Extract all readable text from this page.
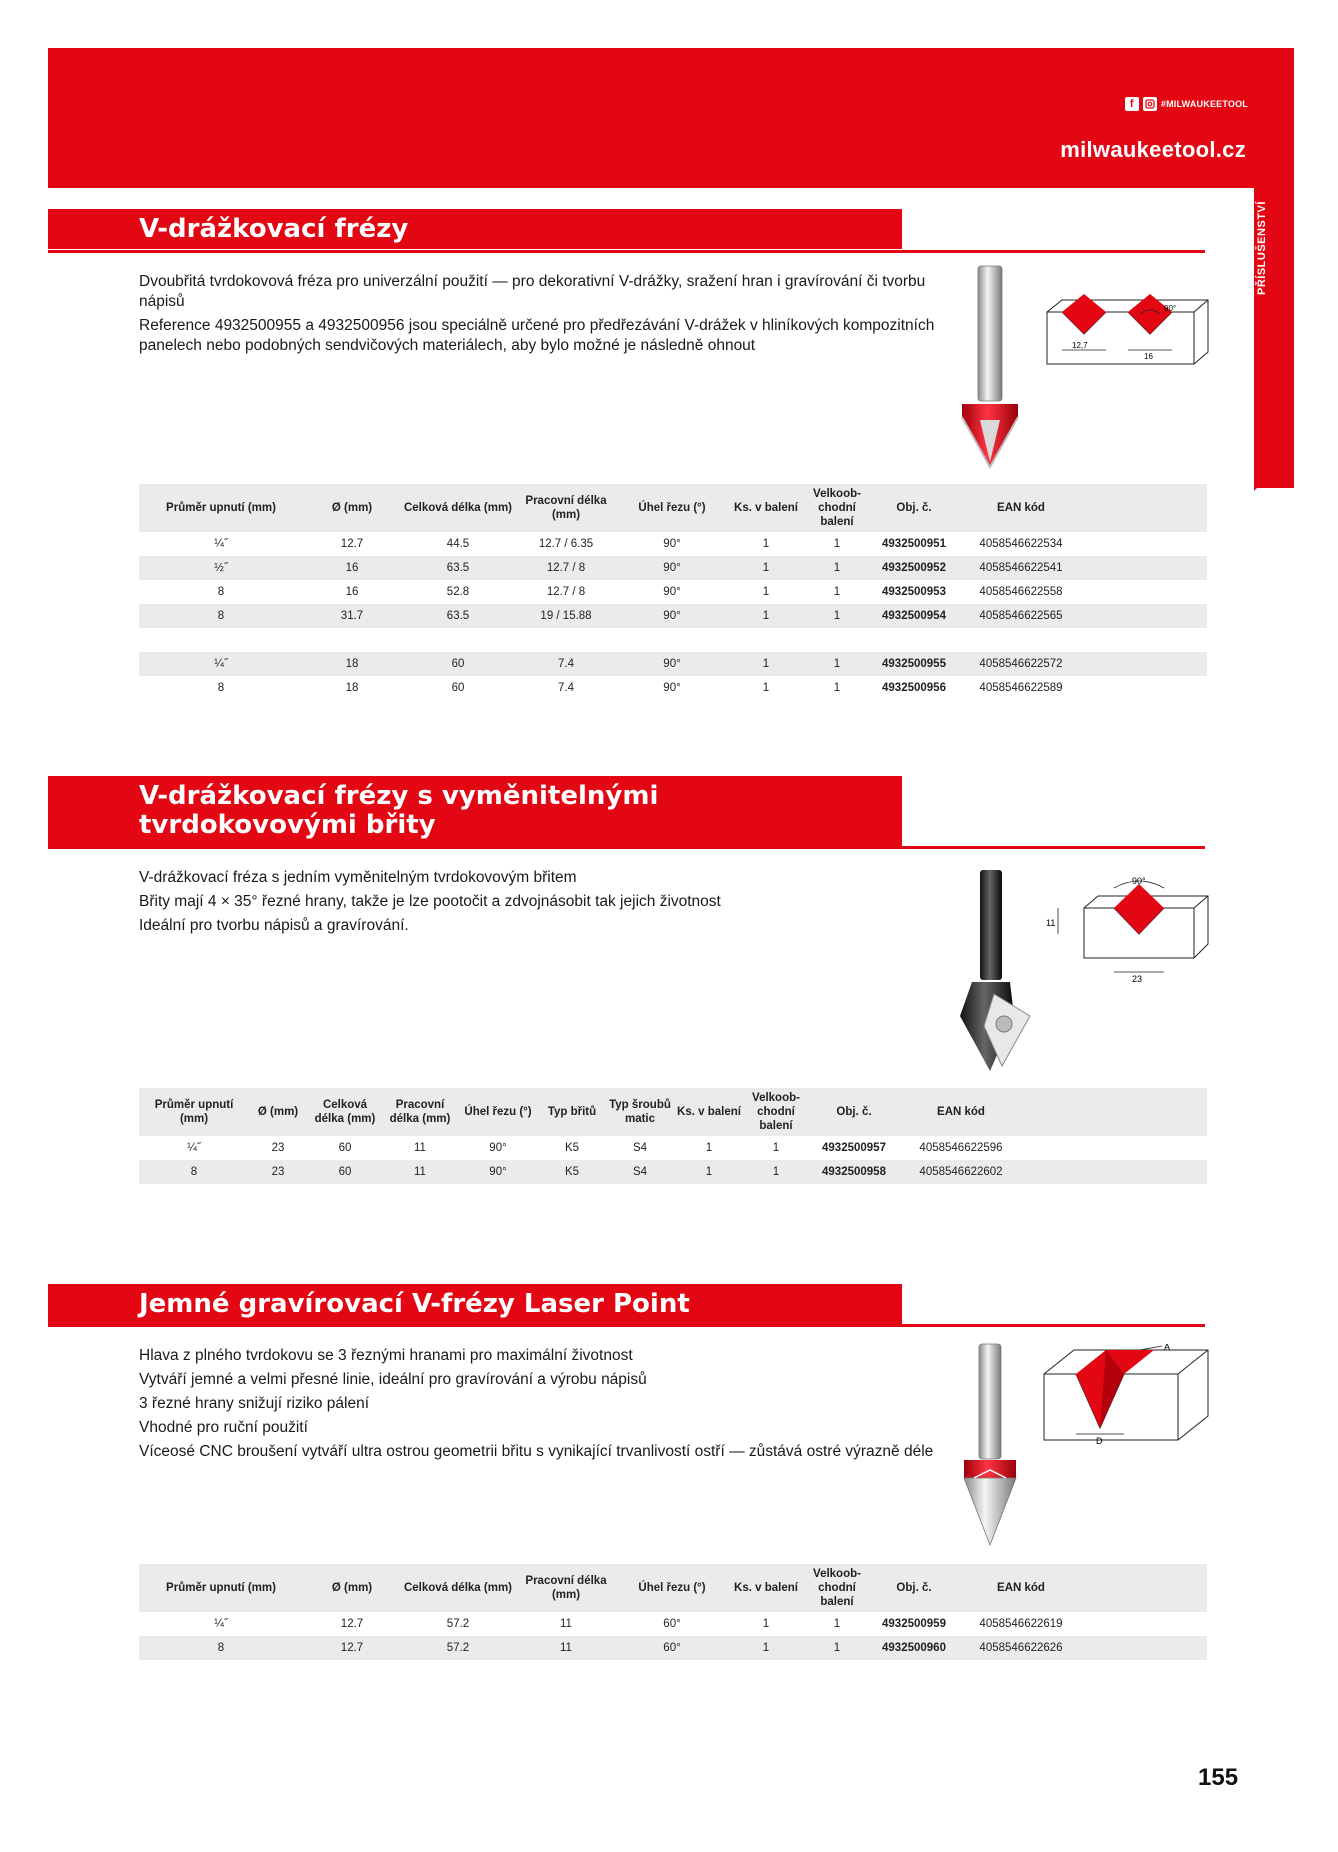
f	#MILWAUKEETOOL
milwaukeetool.cz
PŘÍSLUŠENSTVÍ
V-drážkovací frézy

Dvoubřitá tvrdokovová fréza pro univerzální použití — pro dekorativní V-drážky, sražení hran i gravírování či tvorbu nápisů

Reference 4932500955 a 4932500956 jsou speciálně určené pro předřezávání V-drážek v hliníkových kompozitních panelech nebo podobných sendvičových materiálech, aby bylo možné je následně ohnout

90°
12,7
16
Průměr upnutí (mm)	Ø (mm)	Celková délka (mm)	Pracovní délka (mm)	Úhel řezu (°)	Ks. v balení	Velkoob-chodní balení	Obj. č.	EAN kód	
¼˝	12.7	44.5	12.7 / 6.35	90°	1	1	4932500951	4058546622534	
½˝	16	63.5	12.7 / 8	90°	1	1	4932500952	4058546622541	
8	16	52.8	12.7 / 8	90°	1	1	4932500953	4058546622558	
8	31.7	63.5	19 / 15.88	90°	1	1	4932500954	4058546622565	

¼˝	18	60	7.4	90°	1	1	4932500955	4058546622572	
8	18	60	7.4	90°	1	1	4932500956	4058546622589	
V-drážkovací frézy s vyměnitelnými
tvrdokovovými břity

V-drážkovací fréza s jedním vyměnitelným tvrdokovovým břitem

Břity mají 4 × 35° řezné hrany, takže je lze pootočit a zdvojnásobit tak jejich životnost

Ideální pro tvorbu nápisů a gravírování.

90°
11
23
Průměr upnutí (mm)	Ø (mm)	Celková délka (mm)	Pracovní délka (mm)	Úhel řezu (°)	Typ břitů	Typ šroubů matic	Ks. v balení	Velkoob-chodní balení	Obj. č.	EAN kód	
¼˝	23	60	11	90°	K5	S4	1	1	4932500957	4058546622596	
8	23	60	11	90°	K5	S4	1	1	4932500958	4058546622602	
Jemné gravírovací V-frézy Laser Point

Hlava z plného tvrdokovu se 3 řeznými hranami pro maximální životnost

Vytváří jemné a velmi přesné linie, ideální pro gravírování a výrobu nápisů

3 řezné hrany snižují riziko pálení

Vhodné pro ruční použití

Víceosé CNC broušení vytváří ultra ostrou geometrii břitu s vynikající trvanlivostí ostří — zůstává ostré výrazně déle

A
D
Průměr upnutí (mm)	Ø (mm)	Celková délka (mm)	Pracovní délka (mm)	Úhel řezu (°)	Ks. v balení	Velkoob-chodní balení	Obj. č.	EAN kód	
¼˝	12.7	57.2	11	60°	1	1	4932500959	4058546622619	
8	12.7	57.2	11	60°	1	1	4932500960	4058546622626	
155
